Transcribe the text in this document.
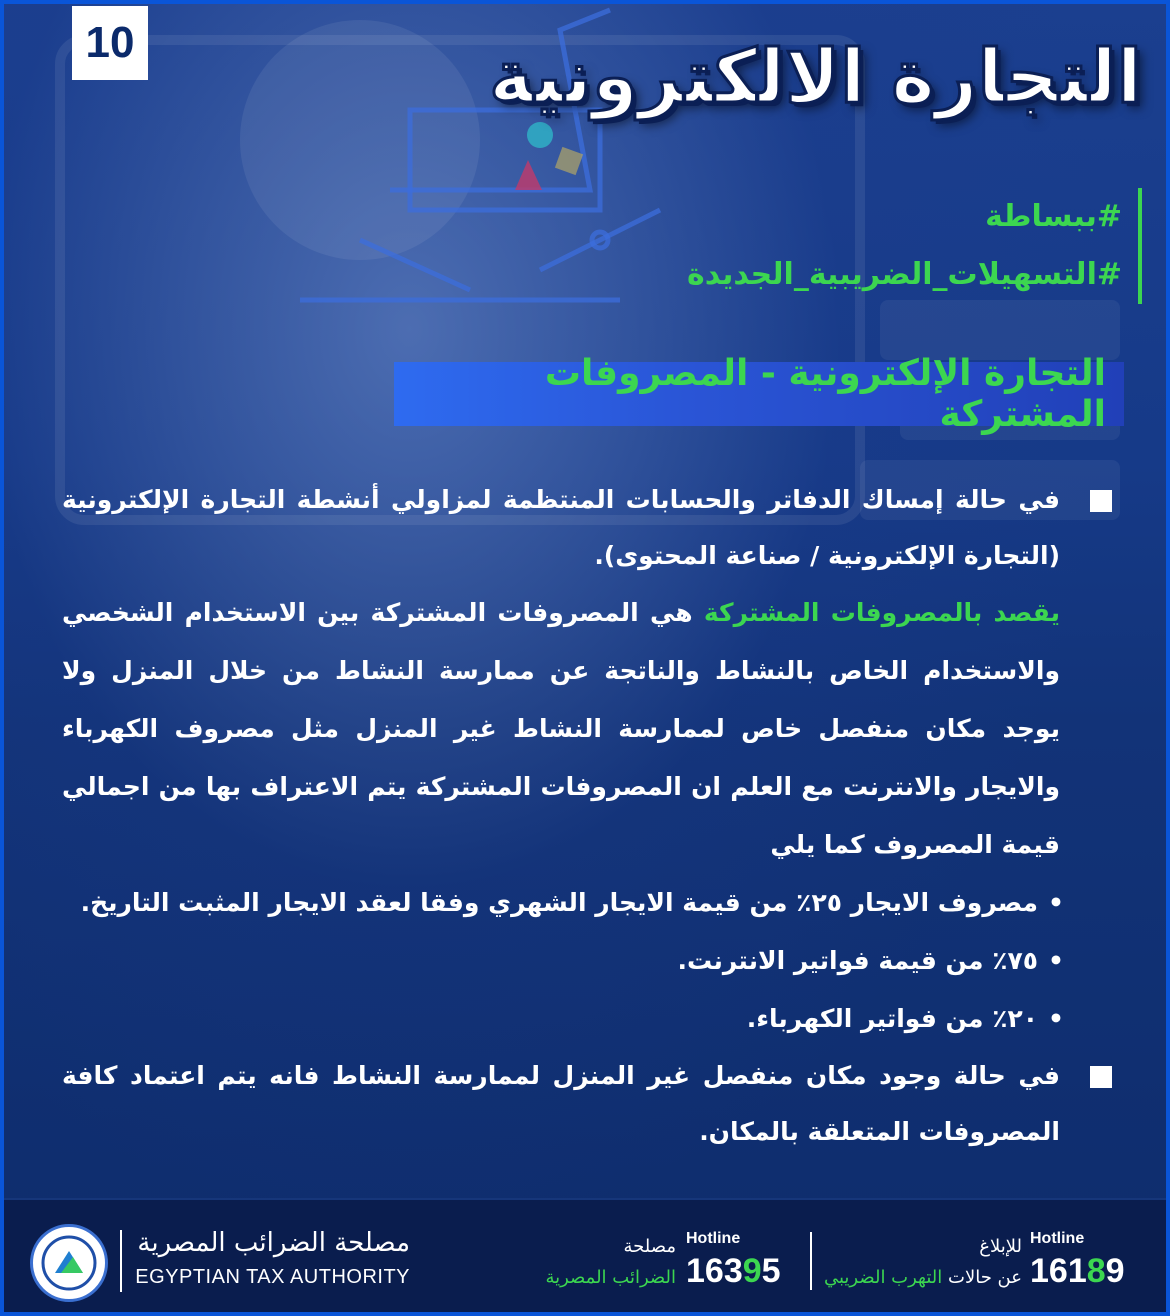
10	التجارة الالكترونية
#ببساطة
#التسهيلات_الضريبية_الجديدة
التجارة الإلكترونية - المصروفات المشتركة
في حالة إمساك الدفاتر والحسابات المنتظمة لمزاولي أنشطة التجارة الإلكترونية (التجارة الإلكترونية / صناعة المحتوى).
يقصد بالمصروفات المشتركة هي المصروفات المشتركة بين الاستخدام الشخصي والاستخدام الخاص بالنشاط والناتجة عن ممارسة النشاط من خلال المنزل ولا يوجد مكان منفصل خاص لممارسة النشاط غير المنزل مثل مصروف الكهرباء والايجار والانترنت مع العلم ان المصروفات المشتركة يتم الاعتراف بها من اجمالي قيمة المصروف كما يلي
• مصروف الايجار ٢٥٪ من قيمة الايجار الشهري وفقا لعقد الايجار المثبت التاريخ.
• ٧٥٪ من قيمة فواتير الانترنت.
• ٢٠٪ من فواتير الكهرباء.
في حالة وجود مكان منفصل غير المنزل لممارسة النشاط فانه يتم اعتماد كافة المصروفات المتعلقة بالمكان.
مصلحة الضرائب المصرية
EGYPTIAN TAX AUTHORITY
Hotline
16395
مصلحة
الضرائب المصرية
Hotline
16189
للإبلاغ
عن حالات التهرب الضريبي
